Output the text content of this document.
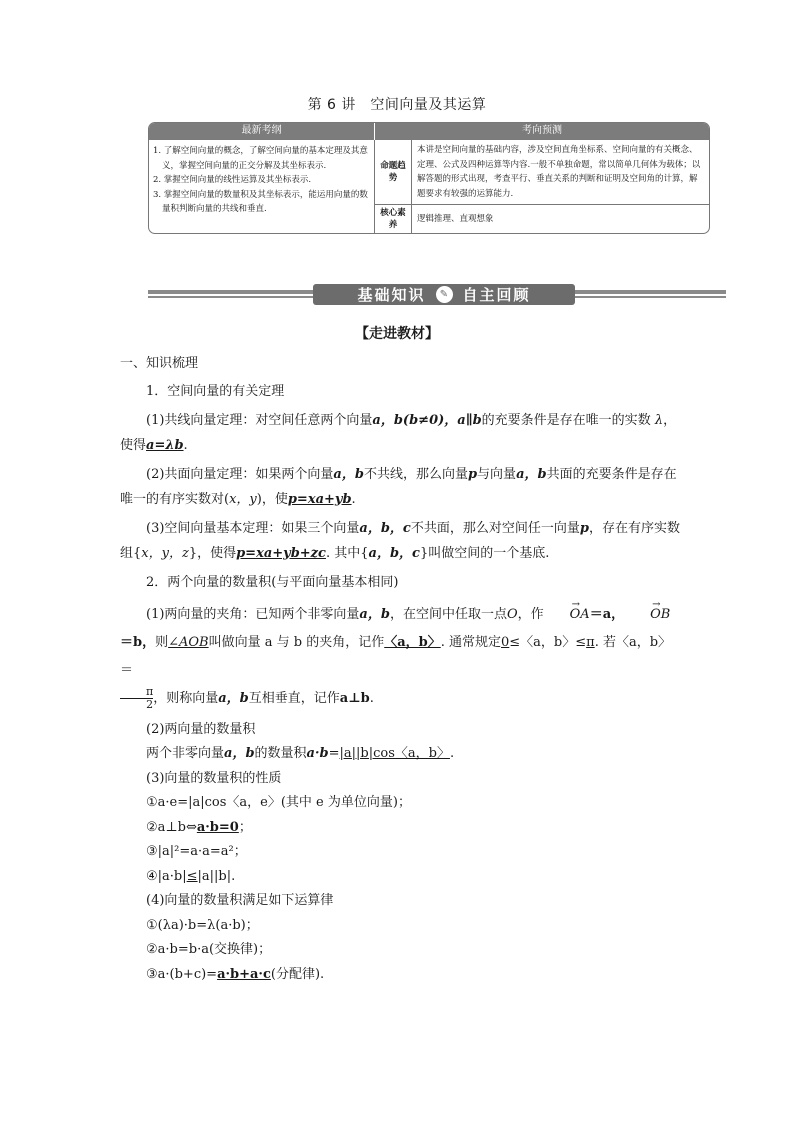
第 6 讲　空间向量及其运算
最新考纲	考向预测
1. 了解空间向量的概念，了解空间向量的基本定理及其意义，掌握空间向量的正交分解及其坐标表示.
2. 掌握空间向量的线性运算及其坐标表示.
3. 掌握空间向量的数量积及其坐标表示，能运用向量的数量积判断向量的共线和垂直.
命题趋势
本讲是空间向量的基础内容，涉及空间直角坐标系、空间向量的有关概念、定理、公式及四种运算等内容.一般不单独命题，常以简单几何体为载体；以解答题的形式出现，考查平行、垂直关系的判断和证明及空间角的计算，解题要求有较强的运算能力.
核心素养
逻辑推理、直观想象
基础知识	✎ 自主回顾
【走进教材】

一、知识梳理

1．空间向量的有关定理

(1)共线向量定理：对空间任意两个向量a，b(b≠0)，a∥b的充要条件是存在唯一的实数 λ，使得a=λb.

(2)共面向量定理：如果两个向量a，b不共线，那么向量p与向量a，b共面的充要条件是存在唯一的有序实数对(x，y)，使p=xa+yb.

(3)空间向量基本定理：如果三个向量a，b，c不共面，那么对空间任一向量p，存在有序实数组{x，y，z}，使得p=xa+yb+zc. 其中{a，b，c}叫做空间的一个基底.

2．两个向量的数量积(与平面向量基本相同)

(1)两向量的夹角：已知两个非零向量a，b，在空间中任取一点O，作 → OA＝a， → OB＝b，则∠AOB叫做向量 a 与 b 的夹角，记作〈a，b〉. 通常规定0≤〈a，b〉≤π. 若〈a，b〉＝

$\frac{\pi}{2}$ ，则称向量a，b互相垂直，记作a⊥b.

(2)两向量的数量积

两个非零向量a，b的数量积a·b=|a||b|cos〈a，b〉.

(3)向量的数量积的性质

①a·e=|a|cos〈a，e〉(其中 e 为单位向量)；

②a⊥b⇔a·b=0；

③|a|²=a·a=a²；

④|a·b|≤|a||b|.

(4)向量的数量积满足如下运算律

①(λa)·b=λ(a·b)；

②a·b=b·a(交换律)；

③a·(b+c)=a·b+a·c(分配律).
